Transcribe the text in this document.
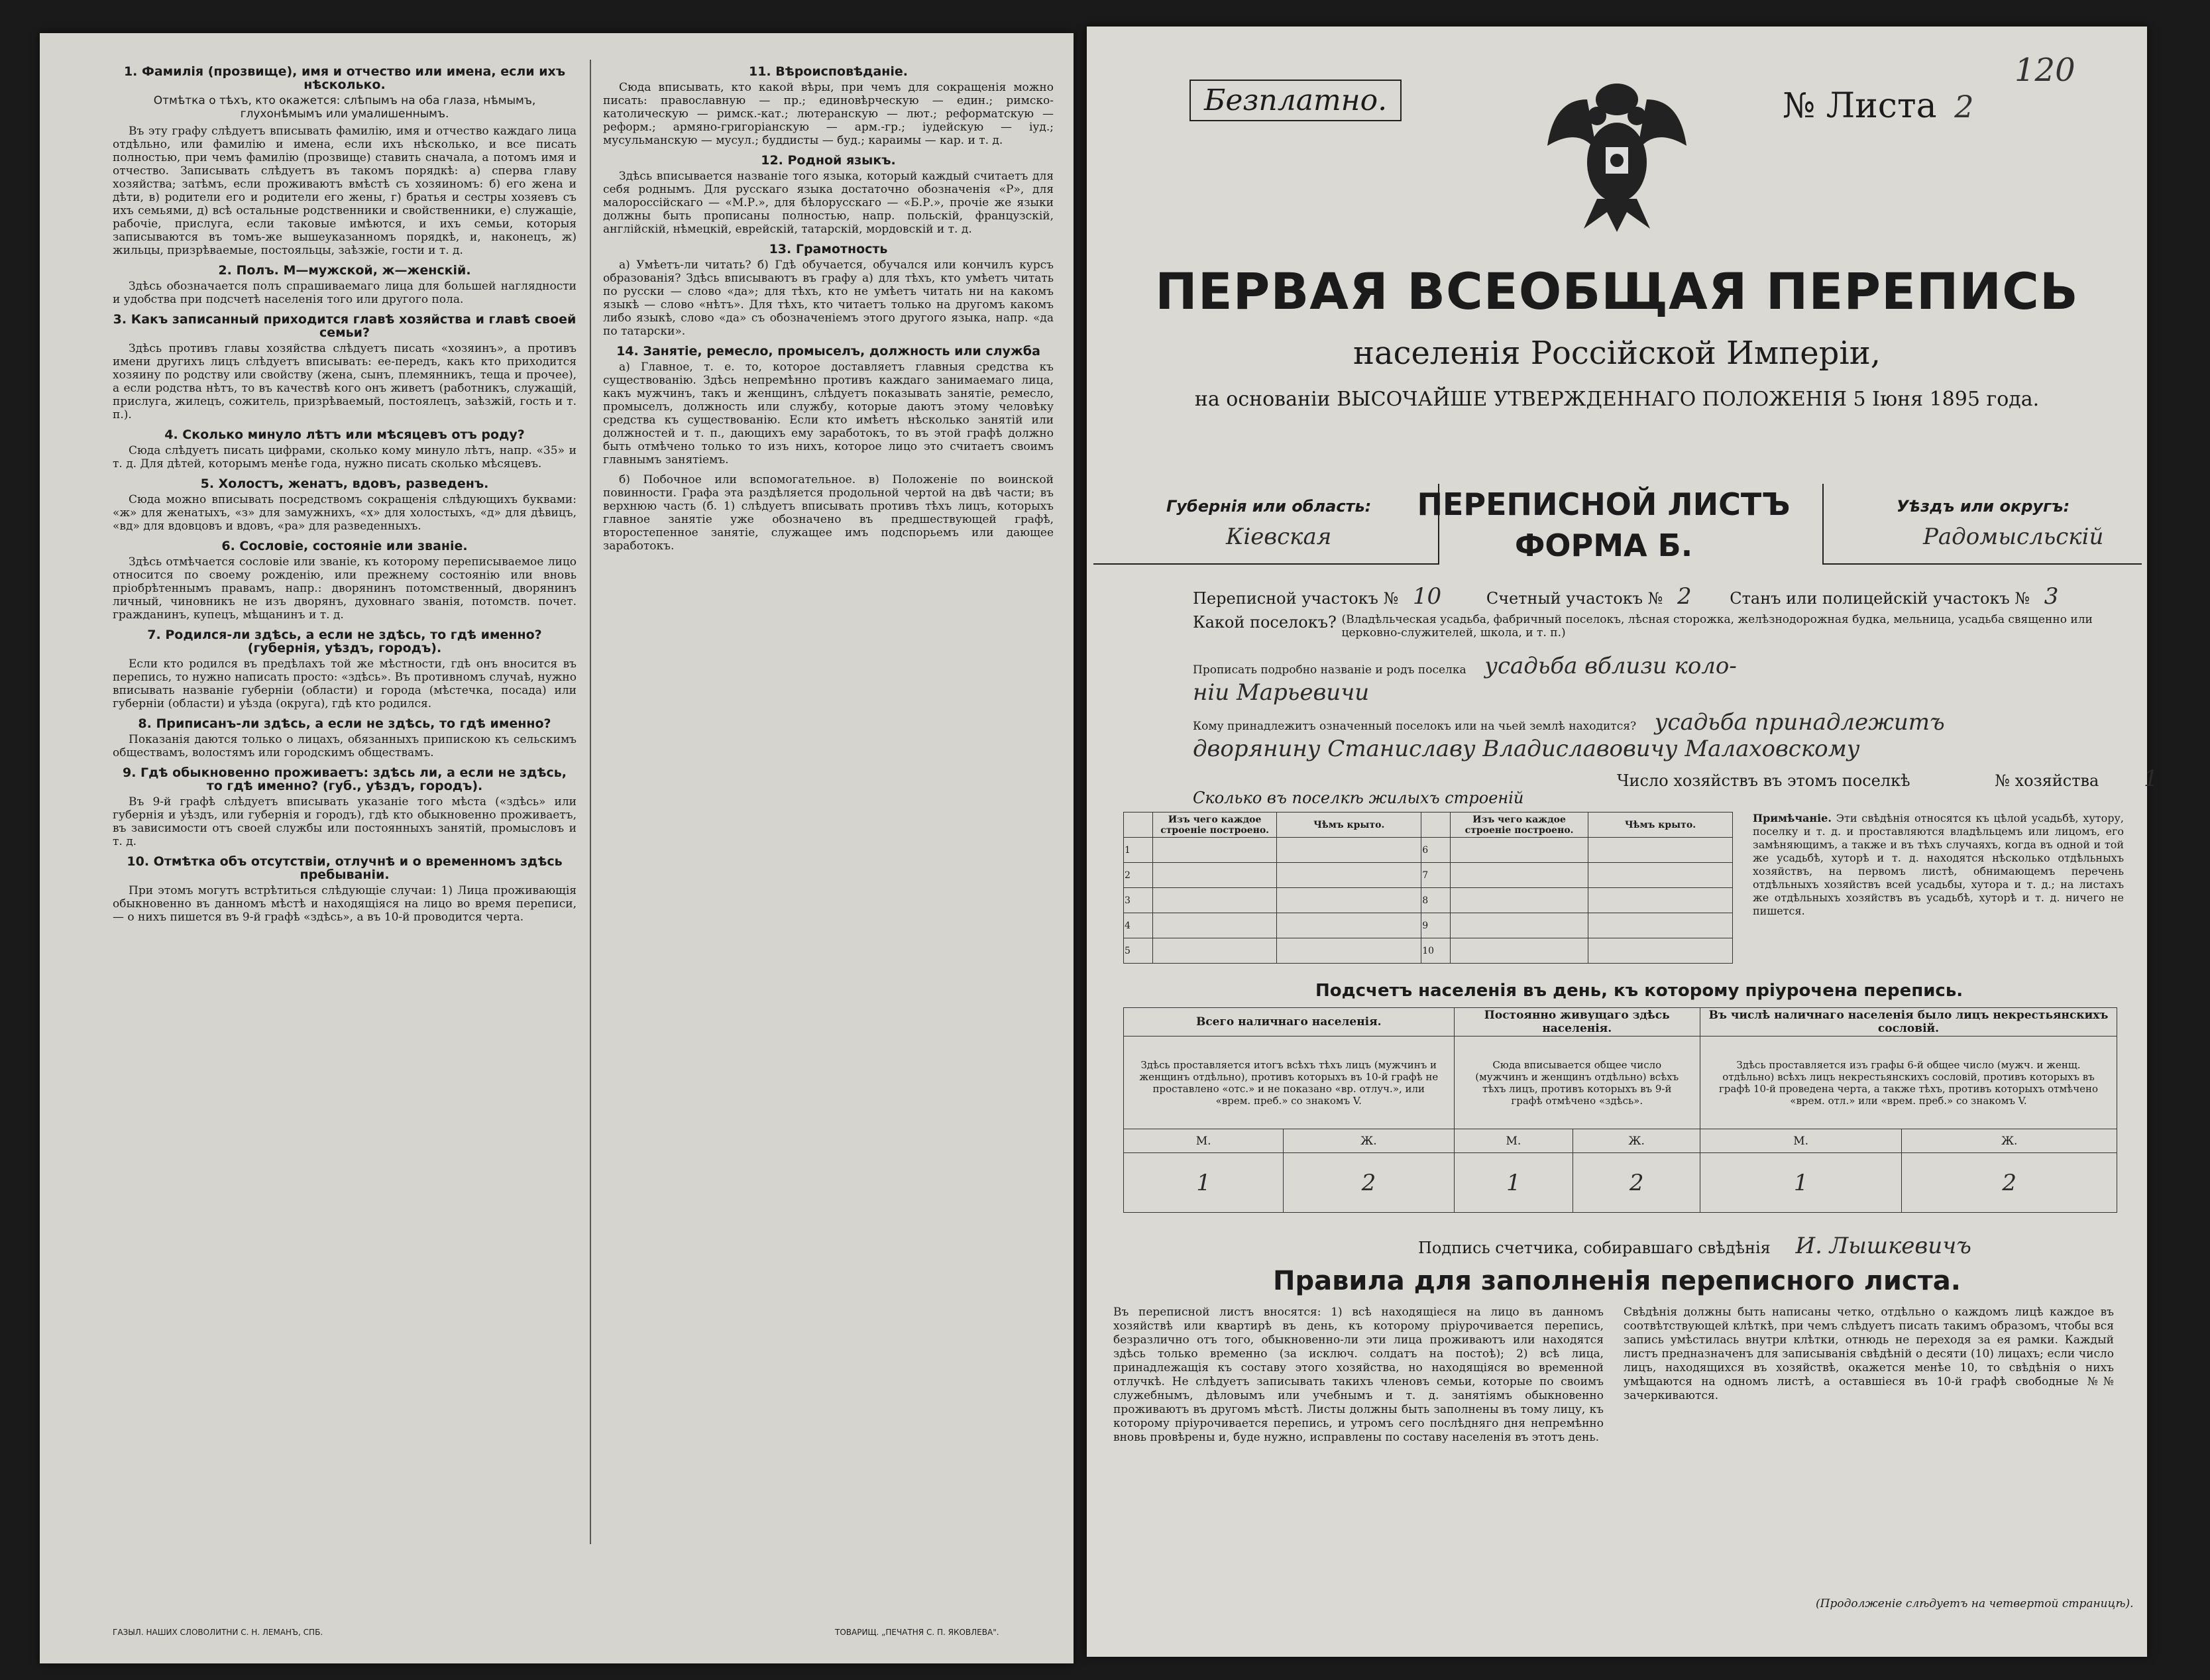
1. Фамилія (прозвище), имя и отчество или имена, если ихъ нѣсколько.
Отмѣтка о тѣхъ, кто окажется: слѣпымъ на оба глаза, нѣмымъ, глухонѣмымъ или умалишеннымъ.

Въ эту графу слѣдуетъ вписывать фамилію, имя и отчество каждаго лица отдѣльно, или фамилію и имена, если ихъ нѣсколько, и все писать полностью, при чемъ фамилію (прозвище) ставить сначала, а потомъ имя и отчество. Записывать слѣдуетъ въ такомъ порядкѣ: а) сперва главу хозяйства; затѣмъ, если проживаютъ вмѣстѣ съ хозяиномъ: б) его жена и дѣти, в) родители его и родители его жены, г) братья и сестры хозяевъ съ ихъ семьями, д) всѣ остальные родственники и свойственники, е) служащіе, рабочіе, прислуга, если таковые имѣются, и ихъ семьи, которыя записываются въ томъ-же вышеуказанномъ порядкѣ, и, наконецъ, ж) жильцы, призрѣваемые, постояльцы, заѣзжіе, гости и т. д.

2. Полъ. М—мужской, ж—женскій.

Здѣсь обозначается полъ спрашиваемаго лица для большей наглядности и удобства при подсчетѣ населенія того или другого пола.

3. Какъ записанный приходится главѣ хозяйства и главѣ своей семьи?

Здѣсь противъ главы хозяйства слѣдуетъ писать «хозяинъ», а противъ имени другихъ лицъ слѣдуетъ вписывать: ее-передъ, какъ кто приходится хозяину по родству или свойству (жена, сынъ, племянникъ, теща и прочее), а если родства нѣтъ, то въ качествѣ кого онъ живетъ (работникъ, служащій, прислуга, жилецъ, сожитель, призрѣваемый, постоялецъ, заѣзжій, гость и т. п.).

4. Сколько минуло лѣтъ или мѣсяцевъ отъ роду?

Сюда слѣдуетъ писать цифрами, сколько кому минуло лѣтъ, напр. «35» и т. д. Для дѣтей, которымъ менѣе года, нужно писать сколько мѣсяцевъ.

5. Холостъ, женатъ, вдовъ, разведенъ.

Сюда можно вписывать посредствомъ сокращенія слѣдующихъ буквами: «ж» для женатыхъ, «з» для замужнихъ, «х» для холостыхъ, «д» для дѣвицъ, «вд» для вдовцовъ и вдовъ, «ра» для разведенныхъ.

6. Сословіе, состояніе или званіе.

Здѣсь отмѣчается сословіе или званіе, къ которому переписываемое лицо относится по своему рожденію, или прежнему состоянію или вновь пріобрѣтеннымъ правамъ, напр.: дворянинъ потомственный, дворянинъ личный, чиновникъ не изъ дворянъ, духовнаго званія, потомств. почет. гражданинъ, купецъ, мѣщанинъ и т. д.

7. Родился-ли здѣсь, а если не здѣсь, то гдѣ именно? (губернія, уѣздъ, городъ).

Если кто родился въ предѣлахъ той же мѣстности, гдѣ онъ вносится въ перепись, то нужно написать просто: «здѣсь». Въ противномъ случаѣ, нужно вписывать названіе губерніи (области) и города (мѣстечка, посада) или губерніи (области) и уѣзда (округа), гдѣ кто родился.

8. Приписанъ-ли здѣсь, а если не здѣсь, то гдѣ именно?

Показанія даются только о лицахъ, обязанныхъ припискою къ сельскимъ обществамъ, волостямъ или городскимъ обществамъ.

9. Гдѣ обыкновенно проживаетъ: здѣсь ли, а если не здѣсь, то гдѣ именно? (губ., уѣздъ, городъ).

Въ 9-й графѣ слѣдуетъ вписывать указаніе того мѣста («здѣсь» или губернія и уѣздъ, или губернія и городъ), гдѣ кто обыкновенно проживаетъ, въ зависимости отъ своей службы или постоянныхъ занятій, промысловъ и т. д.

10. Отмѣтка объ отсутствіи, отлучнѣ и о временномъ здѣсь пребываніи.

При этомъ могутъ встрѣтиться слѣдующіе случаи: 1) Лица проживающія обыкновенно въ данномъ мѣстѣ и находящіяся на лицо во время переписи, — о нихъ пишется въ 9-й графѣ «здѣсь», а въ 10-й проводится черта.

11. Вѣроисповѣданіе.

Сюда вписывать, кто какой вѣры, при чемъ для сокращенія можно писать: православную — пр.; единовѣрческую — един.; римско-католическую — римск.-кат.; лютеранскую — лют.; реформатскую — реформ.; армяно-григоріанскую — арм.-гр.; іудейскую — іуд.; мусульманскую — мусул.; буддисты — буд.; караимы — кар. и т. д.

12. Родной языкъ.

Здѣсь вписывается названіе того языка, который каждый считаетъ для себя роднымъ. Для русскаго языка достаточно обозначенія «Р», для малороссійскаго — «М.Р.», для бѣлорусскаго — «Б.Р.», прочіе же языки должны быть прописаны полностью, напр. польскій, французскій, англійскій, нѣмецкій, еврейскій, татарскій, мордовскій и т. д.

13. Грамотность

а) Умѣетъ-ли читать? б) Гдѣ обучается, обучался или кончилъ курсъ образованія? Здѣсь вписываютъ въ графу а) для тѣхъ, кто умѣетъ читать по русски — слово «да»; для тѣхъ, кто не умѣетъ читать ни на какомъ языкѣ — слово «нѣтъ». Для тѣхъ, кто читаетъ только на другомъ какомъ либо языкѣ, слово «да» съ обозначеніемъ этого другого языка, напр. «да по татарски».

14. Занятіе, ремесло, промыселъ, должность или служба

а) Главное, т. е. то, которое доставляетъ главныя средства къ существованію. Здѣсь непремѣнно противъ каждаго занимаемаго лица, какъ мужчинъ, такъ и женщинъ, слѣдуетъ показывать занятіе, ремесло, промыселъ, должность или службу, которые даютъ этому человѣку средства къ существованію. Если кто имѣетъ нѣсколько занятій или должностей и т. п., дающихъ ему заработокъ, то въ этой графѣ должно быть отмѣчено только то изъ нихъ, которое лицо это считаетъ своимъ главнымъ занятіемъ.

б) Побочное или вспомогательное. в) Положеніе по воинской повинности. Графа эта раздѣляется продольной чертой на двѣ части; въ верхнюю часть (б. 1) слѣдуетъ вписывать противъ тѣхъ лицъ, которыхъ главное занятіе уже обозначено въ предшествующей графѣ, второстепенное занятіе, служащее имъ подспорьемъ или дающее заработокъ.

ГАЗЫЛ. НАШИХ СЛОВОЛИТНИ С. Н. ЛЕМАНЪ, СПБ.	ТОВАРИЩ. „ПЕЧАТНЯ С. П. ЯКОВЛЕВА".
Безплатно.	№ Листа 2
120
ПЕРВАЯ ВСЕОБЩАЯ ПЕРЕПИСЬ
населенія Россійской Имперіи,
на основаніи ВЫСОЧАЙШЕ УТВЕРЖДЕННАГО ПОЛОЖЕНІЯ 5 Іюня 1895 года.
Губернія или область:
Кіевская
ПЕРЕПИСНОЙ ЛИСТЪ
ФОРМА Б.
Уѣздъ или округъ:
Радомысльскій
Переписной участокъ № 10	Счетный участокъ № 2 Станъ или полицейскій участокъ № 3
Какой поселокъ? (Владѣльческая усадьба, фабричный поселокъ, лѣсная сторожка, желѣзнодорожная будка, мельница, усадьба священно или церковно-служителей, школа, и т. п.)
Прописать подробно названіе и родъ поселка усадьба вблизи коло-
ніи Марьевичи
Кому принадлежитъ означенный поселокъ или на чьей землѣ находится? усадьба принадлежитъ
дворянину Станиславу Владиславовичу Малаховскому
Число хозяйствъ въ этомъ поселкѣ	№ хозяйства 1
Сколько въ поселкѣ жилыхъ строеній
	Изъ чего каждое строеніе построено.	Чѣмъ крыто.		Изъ чего каждое строеніе построено.	Чѣмъ крыто.
1			6		
2			7		
3			8		
4			9		
5			10		
Примѣчаніе. Эти свѣдѣнія относятся къ цѣлой усадьбѣ, хутору, поселку и т. д. и проставляются владѣльцемъ или лицомъ, его замѣняющимъ, а также и въ тѣхъ случаяхъ, когда въ одной и той же усадьбѣ, хуторѣ и т. д. находятся нѣсколько отдѣльныхъ хозяйствъ, на первомъ листѣ, обнимающемъ перечень отдѣльныхъ хозяйствъ всей усадьбы, хутора и т. д.; на листахъ же отдѣльныхъ хозяйствъ въ усадьбѣ, хуторѣ и т. д. ничего не пишется.
Подсчетъ населенія въ день, къ которому пріурочена перепись.
Всего наличнаго населенія.		Постоянно живущаго здѣсь населенія.		Въ числѣ наличнаго населенія было лицъ некрестьянскихъ сословій.	
Здѣсь проставляется итогъ всѣхъ тѣхъ лицъ (мужчинъ и женщинъ отдѣльно), противъ которыхъ въ 10-й графѣ не проставлено «отс.» и не показано «вр. отлуч.», или «врем. преб.» со знакомъ V.		Сюда вписывается общее число (мужчинъ и женщинъ отдѣльно) всѣхъ тѣхъ лицъ, противъ которыхъ въ 9-й графѣ отмѣчено «здѣсь».		Здѣсь проставляется изъ графы 6-й общее число (мужч. и женщ. отдѣльно) всѣхъ лицъ некрестьянскихъ сословій, противъ которыхъ въ графѣ 10-й проведена черта, а также тѣхъ, противъ которыхъ отмѣчено «врем. отл.» или «врем. преб.» со знакомъ V.	
М.	Ж.	М.	Ж.	М.	Ж.
1	2	1	2	1	2
Подпись счетчика, собиравшаго свѣдѣнія И. Лышкевичъ
Правила для заполненія переписного листа.
Въ переписной листъ вносятся: 1) всѣ находящіеся на лицо въ данномъ хозяйствѣ или квартирѣ въ день, къ которому пріурочивается перепись, безразлично отъ того, обыкновенно-ли эти лица проживаютъ или находятся здѣсь только временно (за исключ. солдатъ на постоѣ); 2) всѣ лица, принадлежащія къ составу этого хозяйства, но находящіяся во временной отлучкѣ. Не слѣдуетъ записывать такихъ членовъ семьи, которые по своимъ служебнымъ, дѣловымъ или учебнымъ и т. д. занятіямъ обыкновенно проживаютъ въ другомъ мѣстѣ. Листы должны быть заполнены въ тому лицу, къ которому пріурочивается перепись, и утромъ сего послѣдняго дня непремѣнно вновь провѣрены и, буде нужно, исправлены по составу населенія въ этотъ день.
Свѣдѣнія должны быть написаны четко, отдѣльно о каждомъ лицѣ каждое въ соотвѣтствующей клѣткѣ, при чемъ слѣдуетъ писать такимъ образомъ, чтобы вся запись умѣстилась внутри клѣтки, отнюдь не переходя за ея рамки. Каждый листъ предназначенъ для записыванія свѣдѣній о десяти (10) лицахъ; если число лицъ, находящихся въ хозяйствѣ, окажется менѣе 10, то свѣдѣнія о нихъ умѣщаются на одномъ листѣ, а оставшіеся въ 10-й графѣ свободные №№ зачеркиваются.
(Продолженіе слѣдуетъ на четвертой страницѣ).
